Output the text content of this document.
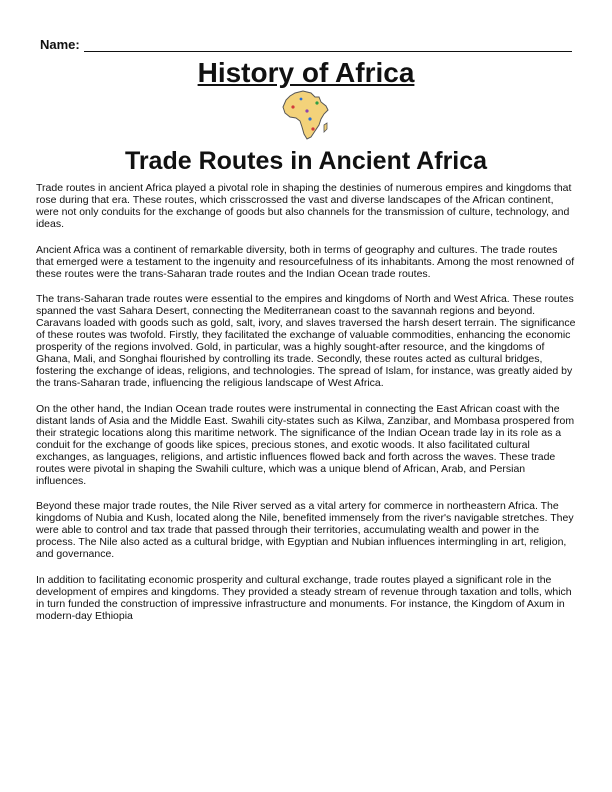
Name:
History of Africa
Trade Routes in Ancient Africa

Trade routes in ancient Africa played a pivotal role in shaping the destinies of numerous empires and kingdoms that rose during that era. These routes, which crisscrossed the vast and diverse landscapes of the African continent, were not only conduits for the exchange of goods but also channels for the transmission of culture, technology, and ideas.

Ancient Africa was a continent of remarkable diversity, both in terms of geography and cultures. The trade routes that emerged were a testament to the ingenuity and resourcefulness of its inhabitants. Among the most renowned of these routes were the trans-Saharan trade routes and the Indian Ocean trade routes.

The trans-Saharan trade routes were essential to the empires and kingdoms of North and West Africa. These routes spanned the vast Sahara Desert, connecting the Mediterranean coast to the savannah regions and beyond. Caravans loaded with goods such as gold, salt, ivory, and slaves traversed the harsh desert terrain. The significance of these routes was twofold. Firstly, they facilitated the exchange of valuable commodities, enhancing the economic prosperity of the regions involved. Gold, in particular, was a highly sought-after resource, and the kingdoms of Ghana, Mali, and Songhai flourished by controlling its trade. Secondly, these routes acted as cultural bridges, fostering the exchange of ideas, religions, and technologies. The spread of Islam, for instance, was greatly aided by the trans-Saharan trade, influencing the religious landscape of West Africa.

On the other hand, the Indian Ocean trade routes were instrumental in connecting the East African coast with the distant lands of Asia and the Middle East. Swahili city-states such as Kilwa, Zanzibar, and Mombasa prospered from their strategic locations along this maritime network. The significance of the Indian Ocean trade lay in its role as a conduit for the exchange of goods like spices, precious stones, and exotic woods. It also facilitated cultural exchanges, as languages, religions, and artistic influences flowed back and forth across the waves. These trade routes were pivotal in shaping the Swahili culture, which was a unique blend of African, Arab, and Persian influences.

Beyond these major trade routes, the Nile River served as a vital artery for commerce in northeastern Africa. The kingdoms of Nubia and Kush, located along the Nile, benefited immensely from the river's navigable stretches. They were able to control and tax trade that passed through their territories, accumulating wealth and power in the process. The Nile also acted as a cultural bridge, with Egyptian and Nubian influences intermingling in art, religion, and governance.

In addition to facilitating economic prosperity and cultural exchange, trade routes played a significant role in the development of empires and kingdoms. They provided a steady stream of revenue through taxation and tolls, which in turn funded the construction of impressive infrastructure and monuments. For instance, the Kingdom of Axum in modern-day Ethiopia
